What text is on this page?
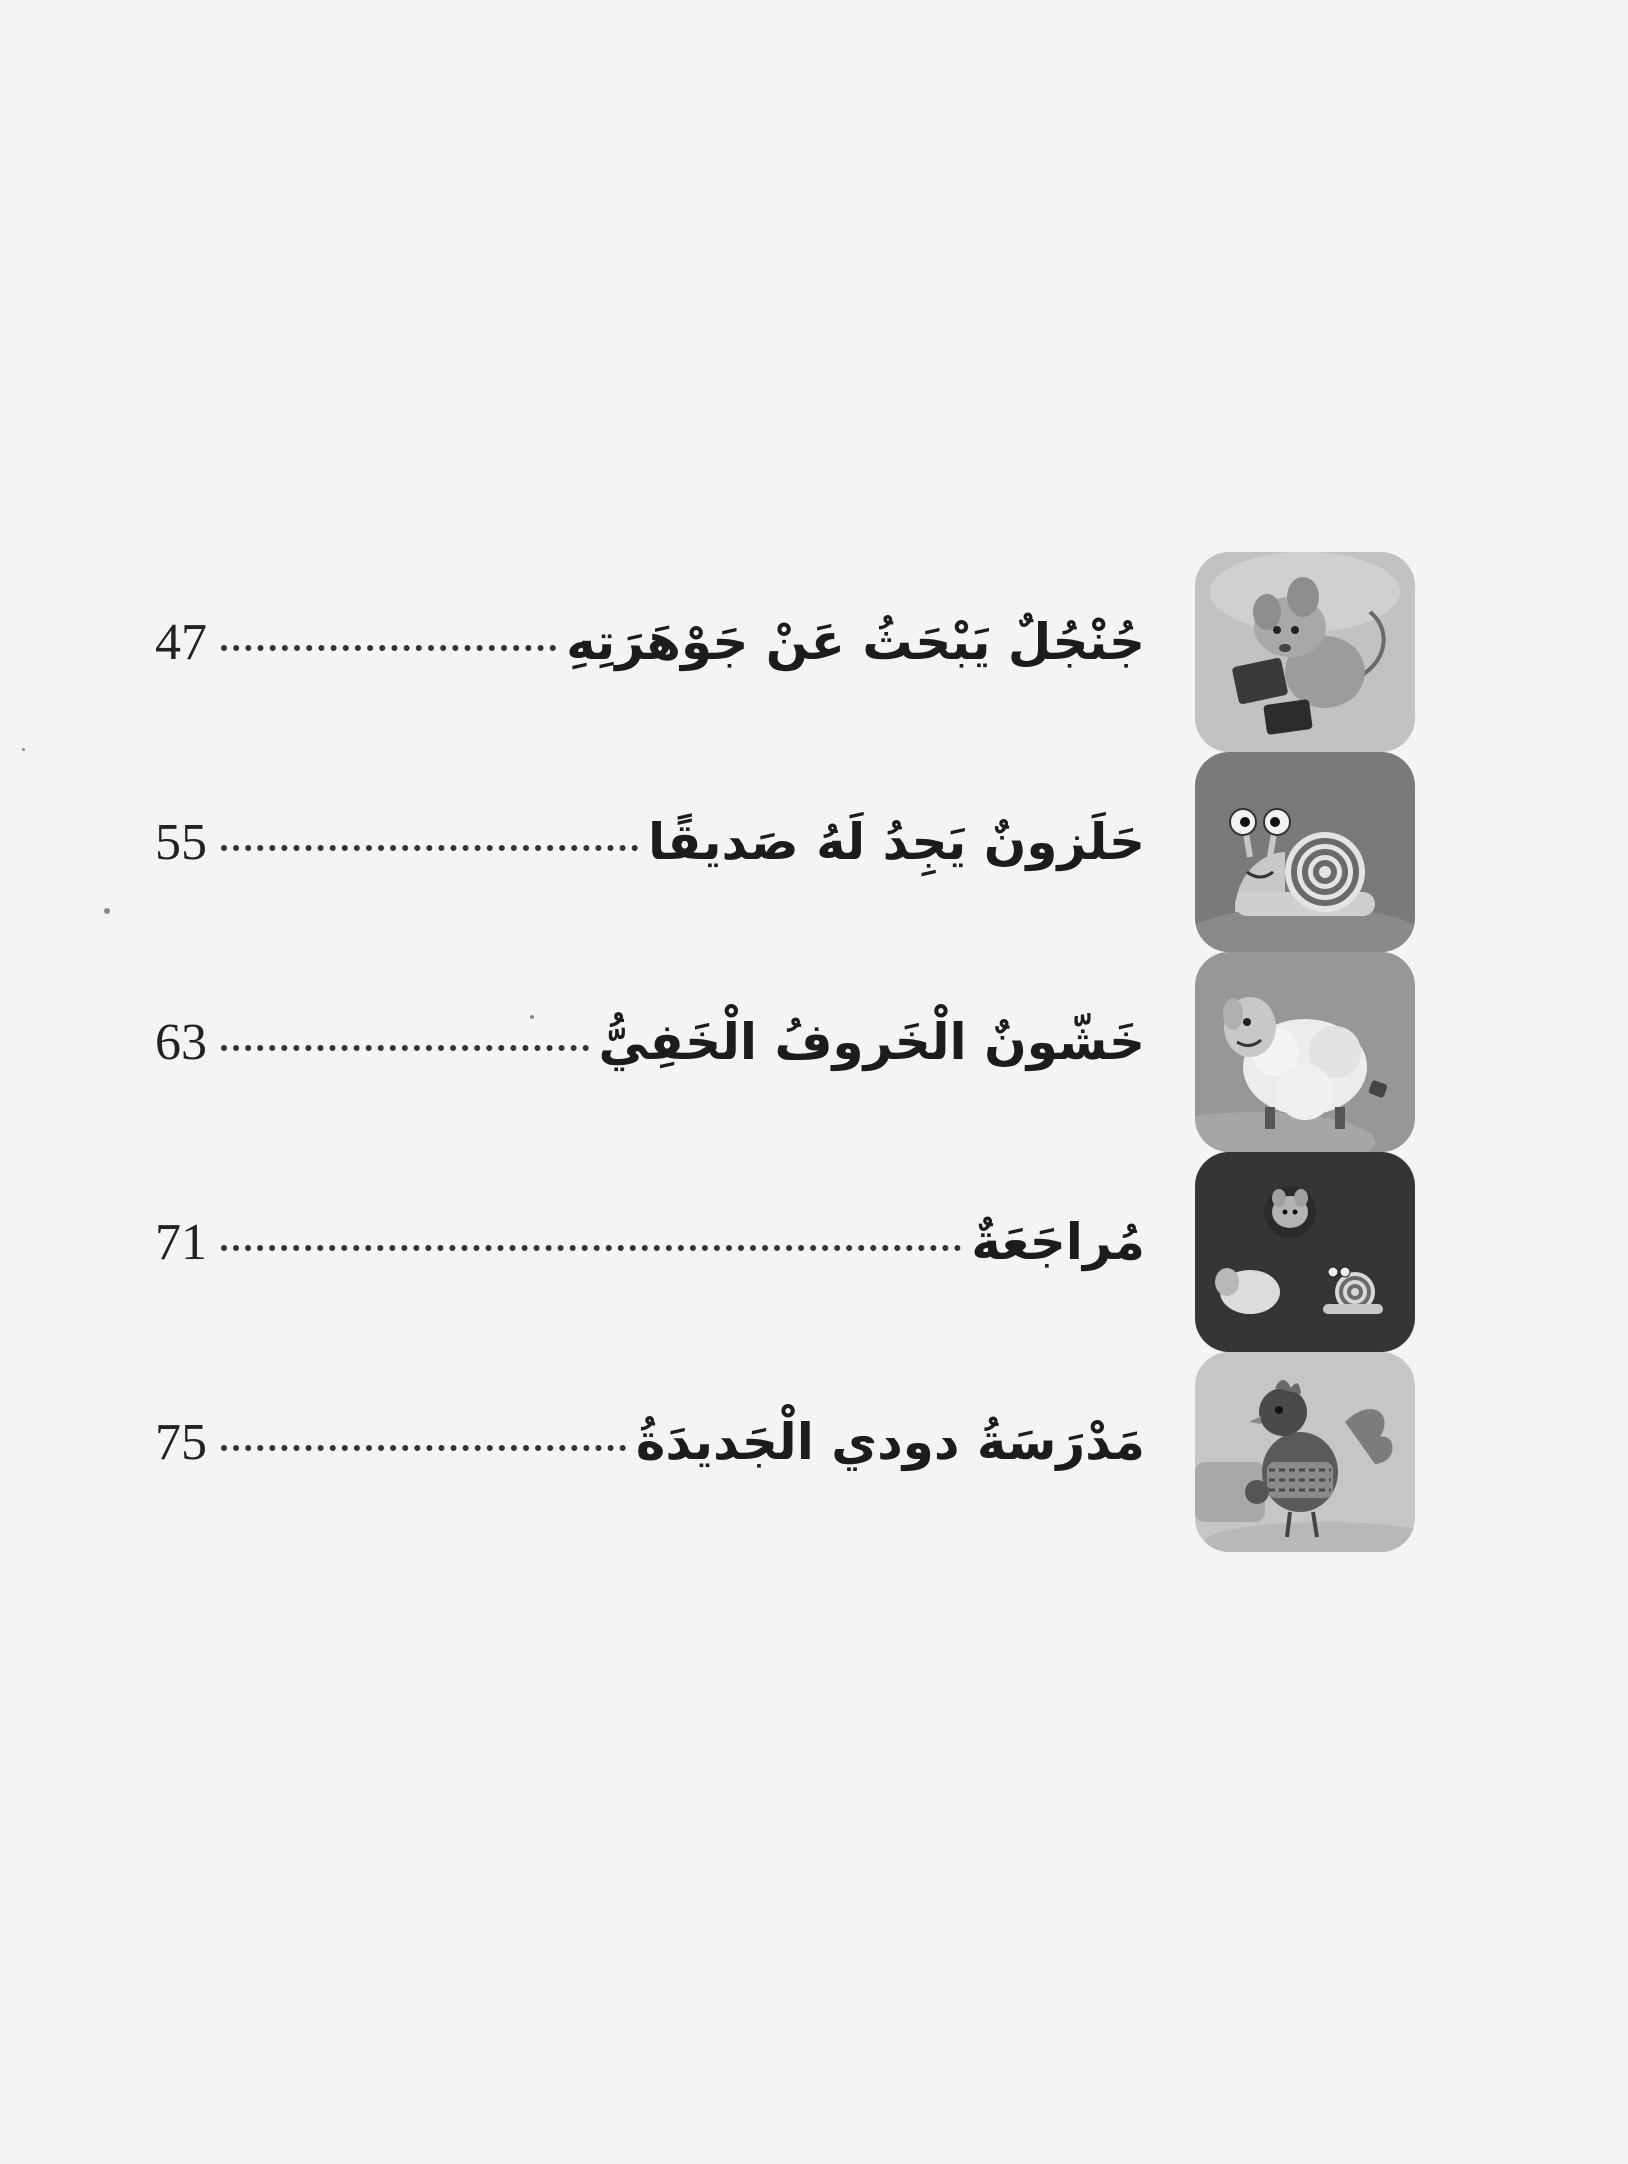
47	جُنْجُلٌ يَبْحَثُ عَنْ جَوْهَرَتِهِ
55	حَلَزونٌ يَجِدُ لَهُ صَديقًا
63	خَشّونٌ الْخَروفُ الْخَفِيُّ
71	مُراجَعَةٌ
75	مَدْرَسَةُ دودي الْجَديدَةُ
